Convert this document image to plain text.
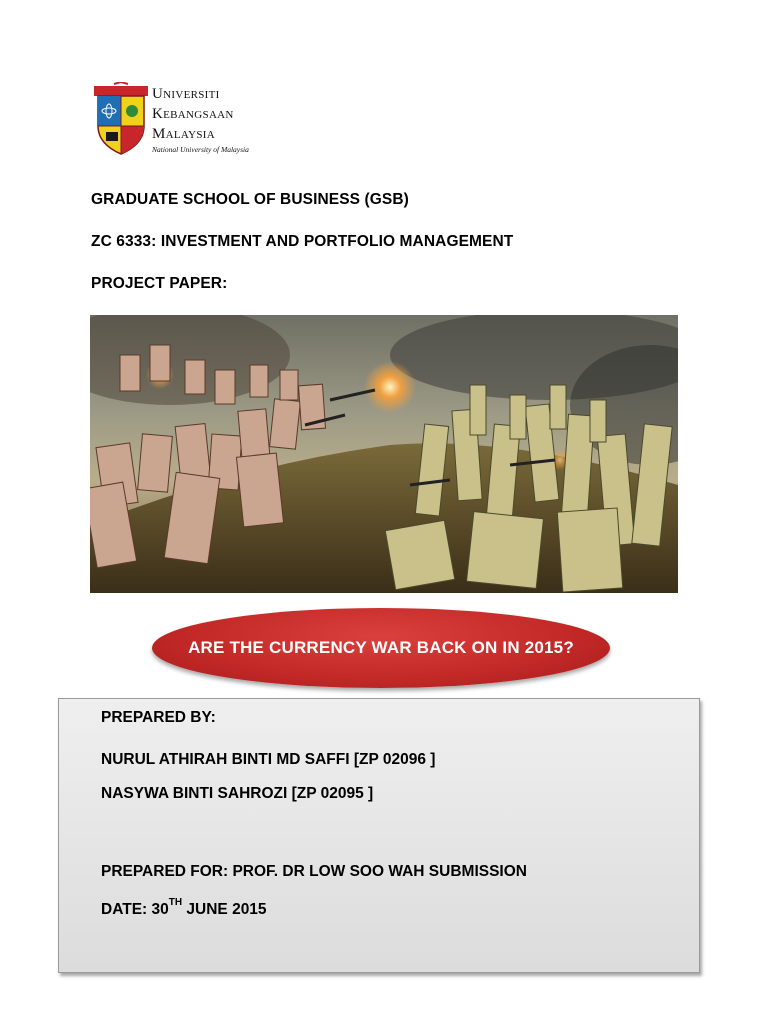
Universiti
Kebangsaan
Malaysia
National University of Malaysia
GRADUATE SCHOOL OF BUSINESS (GSB)
ZC 6333: INVESTMENT AND PORTFOLIO MANAGEMENT
PROJECT PAPER:
ARE THE CURRENCY WAR BACK ON IN 2015?
PREPARED BY:
NURUL ATHIRAH BINTI MD SAFFI [ZP 02096 ]
NASYWA BINTI SAHROZI [ZP 02095 ]
PREPARED FOR: PROF. DR LOW SOO WAH SUBMISSION
DATE: 30TH JUNE 2015
